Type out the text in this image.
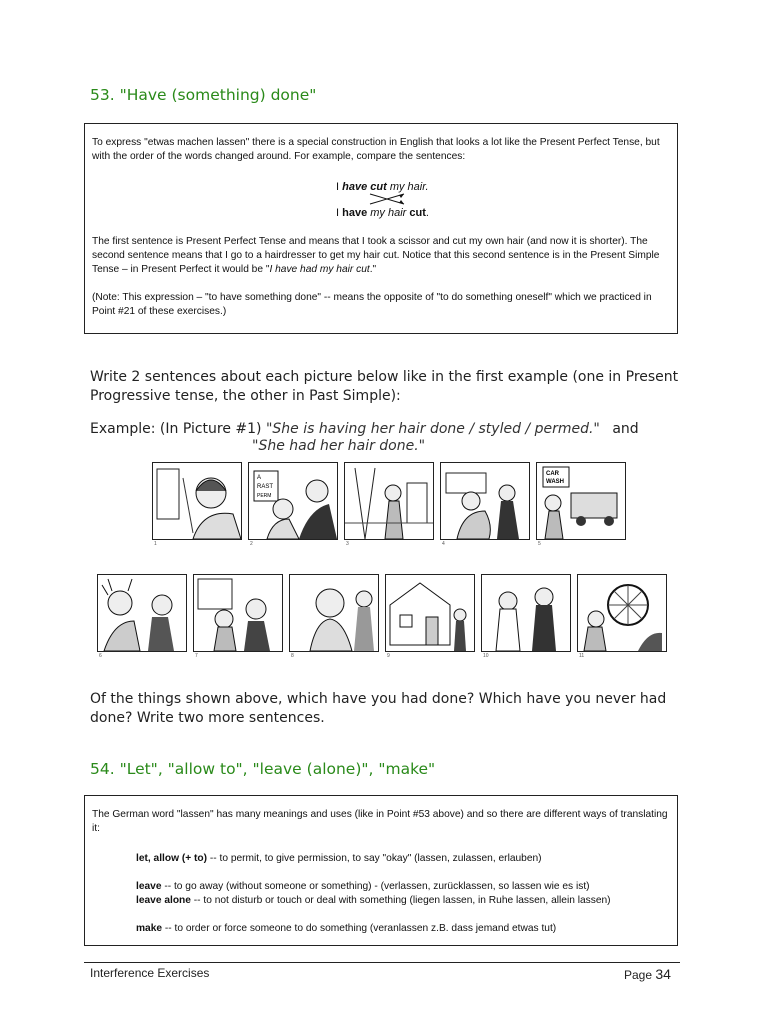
53. "Have (something) done"

To express "etwas machen lassen" there is a special construction in English that looks a lot like the Present Perfect Tense, but with the order of the words changed around. For example, compare the sentences:

I have cut my hair.
I have my hair cut.

The first sentence is Present Perfect Tense and means that I took a scissor and cut my own hair (and now it is shorter). The second sentence means that I go to a hairdresser to get my hair cut. Notice that this second sentence is in the Present Simple Tense – in Present Perfect it would be "I have had my hair cut."

(Note: This expression – "to have something done" -- means the opposite of "to do something oneself" which we practiced in Point #21 of these exercises.)

Write 2 sentences about each picture below like in the first example (one in Present Progressive tense, the other in Past Simple):
Example: (In Picture #1) "She is having her hair done / styled / permed." and
"She had her hair done."
1
A
RAST
PERM
2	3	4
CAR
WASH
5
6	7	8	9	10	11
Of the things shown above, which have you had done? Which have you never had done? Write two more sentences.
54. "Let", "allow to", "leave (alone)", "make"

The German word "lassen" has many meanings and uses (like in Point #53 above) and so there are different ways of translating it:

let, allow (+ to) -- to permit, to give permission, to say "okay" (lassen, zulassen, erlauben)
leave -- to go away (without someone or something) - (verlassen, zurücklassen, so lassen wie es ist)
leave alone -- to not disturb or touch or deal with something (liegen lassen, in Ruhe lassen, allein lassen)
make -- to order or force someone to do something (veranlassen z.B. dass jemand etwas tut)
Interference Exercises	Page 34
